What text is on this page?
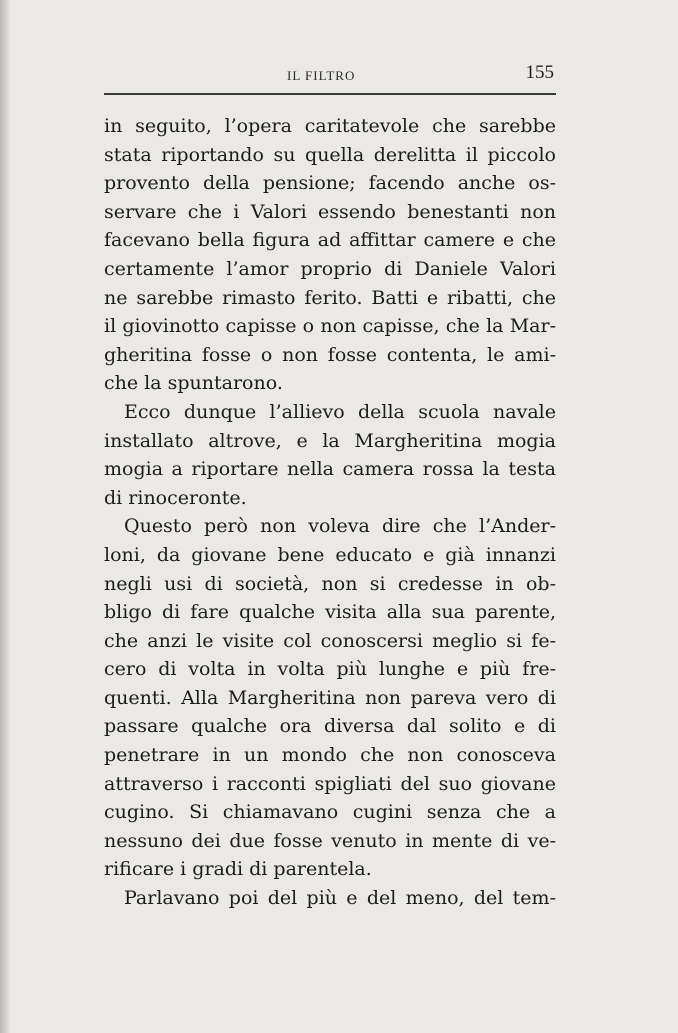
IL FILTRO	155
in seguito, l’opera caritatevole che sarebbe
stata riportando su quella derelitta il piccolo
provento della pensione; facendo anche os-
servare che i Valori essendo benestanti non
facevano bella figura ad affittar camere e che
certamente l’amor proprio di Daniele Valori
ne sarebbe rimasto ferito. Batti e ribatti, che
il giovinotto capisse o non capisse, che la Mar-
gheritina fosse o non fosse contenta, le ami-
che la spuntarono.
Ecco dunque l’allievo della scuola navale
installato altrove, e la Margheritina mogia
mogia a riportare nella camera rossa la testa
di rinoceronte.
Questo però non voleva dire che l’Ander-
loni, da giovane bene educato e già innanzi
negli usi di società, non si credesse in ob-
bligo di fare qualche visita alla sua parente,
che anzi le visite col conoscersi meglio si fe-
cero di volta in volta più lunghe e più fre-
quenti. Alla Margheritina non pareva vero di
passare qualche ora diversa dal solito e di
penetrare in un mondo che non conosceva
attraverso i racconti spigliati del suo giovane
cugino. Si chiamavano cugini senza che a
nessuno dei due fosse venuto in mente di ve-
rificare i gradi di parentela.
Parlavano poi del più e del meno, del tem-
